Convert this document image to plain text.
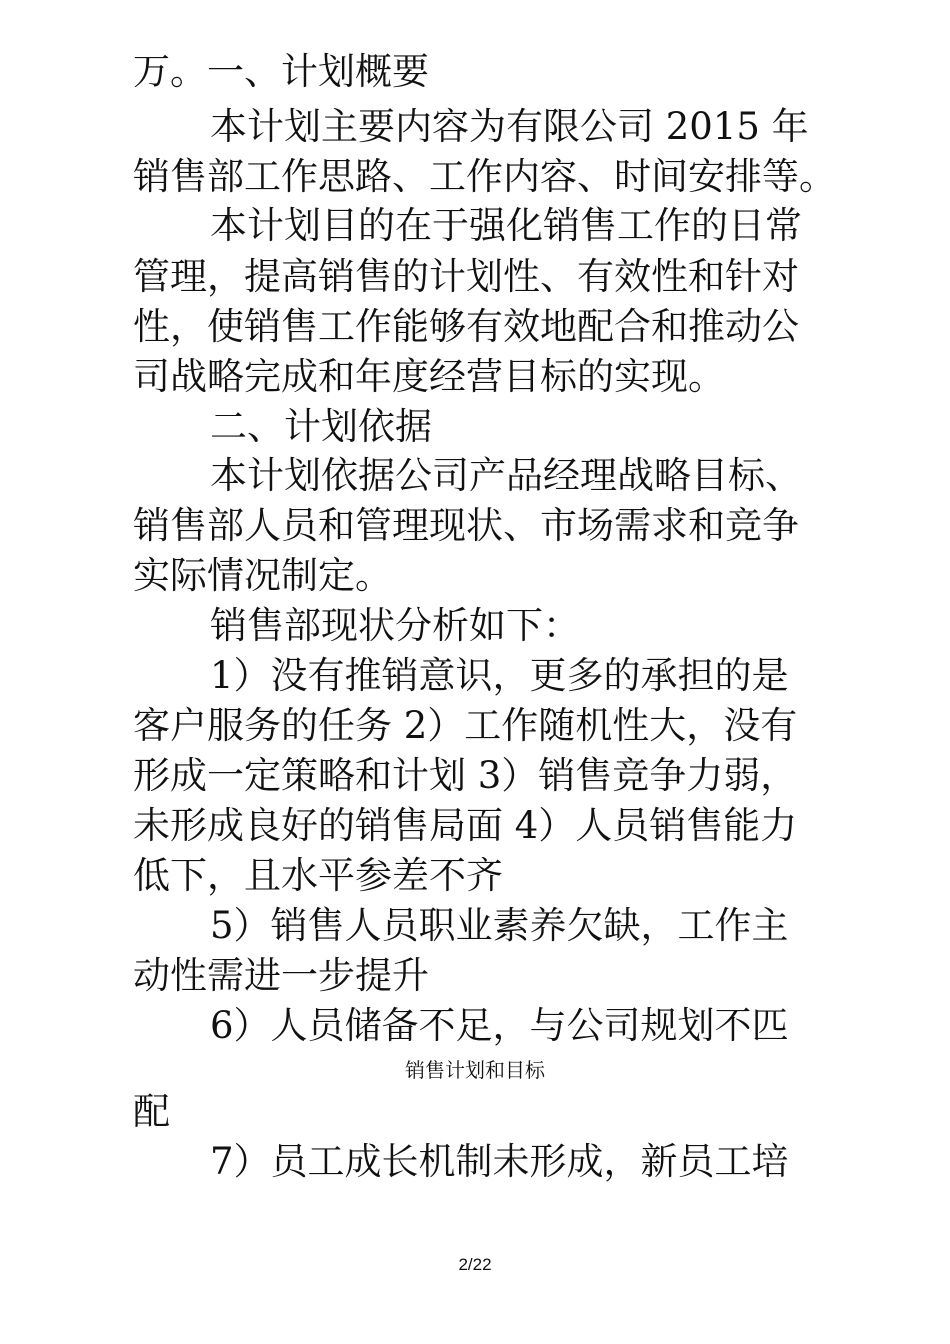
万。一、计划概要
本计划主要内容为有限公司 2015 年
销售部工作思路、工作内容、时间安排等。
本计划目的在于强化销售工作的日常
管理，提高销售的计划性、有效性和针对
性，使销售工作能够有效地配合和推动公
司战略完成和年度经营目标的实现。
二、计划依据
本计划依据公司产品经理战略目标、
销售部人员和管理现状、市场需求和竞争
实际情况制定。
销售部现状分析如下：
1）没有推销意识，更多的承担的是
客户服务的任务 2）工作随机性大，没有
形成一定策略和计划 3）销售竞争力弱，
未形成良好的销售局面 4）人员销售能力
低下，且水平参差不齐
5）销售人员职业素养欠缺，工作主
动性需进一步提升
6）人员储备不足，与公司规划不匹
销售计划和目标
配
7）员工成长机制未形成，新员工培
2/22
